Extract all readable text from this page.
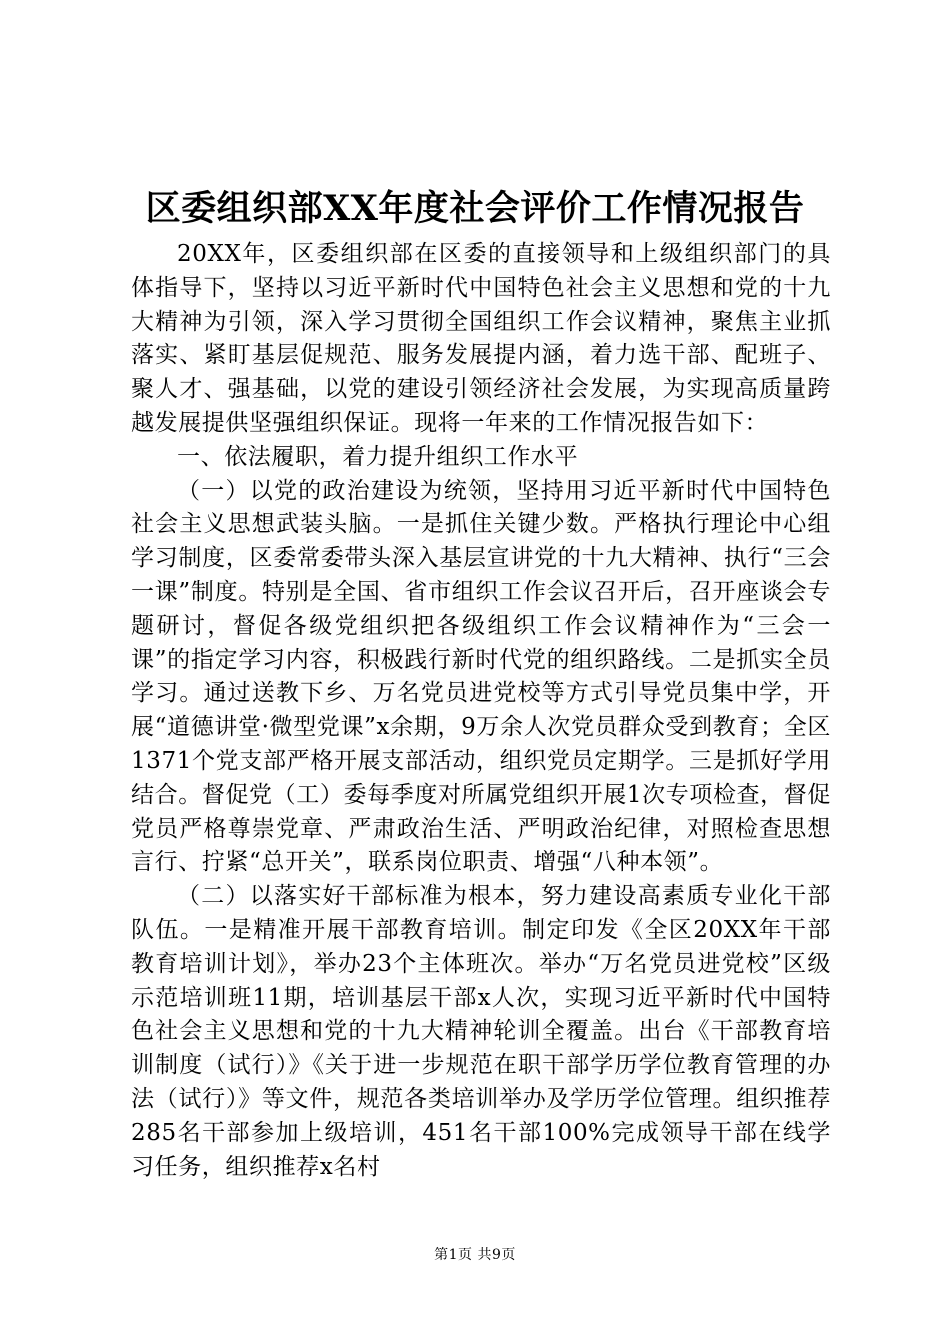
区委组织部XX年度社会评价工作情况报告

20XX年，区委组织部在区委的直接领导和上级组织部门的具体指导下，坚持以习近平新时代中国特色社会主义思想和党的十九大精神为引领，深入学习贯彻全国组织工作会议精神，聚焦主业抓落实、紧盯基层促规范、服务发展提内涵，着力选干部、配班子、聚人才、强基础，以党的建设引领经济社会发展，为实现高质量跨越发展提供坚强组织保证。现将一年来的工作情况报告如下：

一、依法履职，着力提升组织工作水平

（一）以党的政治建设为统领，坚持用习近平新时代中国特色社会主义思想武装头脑。一是抓住关键少数。严格执行理论中心组学习制度，区委常委带头深入基层宣讲党的十九大精神、执行“三会一课”制度。特别是全国、省市组织工作会议召开后，召开座谈会专题研讨，督促各级党组织把各级组织工作会议精神作为“三会一课”的指定学习内容，积极践行新时代党的组织路线。二是抓实全员学习。通过送教下乡、万名党员进党校等方式引导党员集中学，开展“道德讲堂·微型党课”x余期，9万余人次党员群众受到教育；全区1371个党支部严格开展支部活动，组织党员定期学。三是抓好学用结合。督促党（工）委每季度对所属党组织开展1次专项检查，督促党员严格尊崇党章、严肃政治生活、严明政治纪律，对照检查思想言行、拧紧“总开关”，联系岗位职责、增强“八种本领”。

（二）以落实好干部标准为根本，努力建设高素质专业化干部队伍。一是精准开展干部教育培训。制定印发《全区20XX年干部教育培训计划》，举办23个主体班次。举办“万名党员进党校”区级示范培训班11期，培训基层干部x人次，实现习近平新时代中国特色社会主义思想和党的十九大精神轮训全覆盖。出台《干部教育培训制度（试行）》《关于进一步规范在职干部学历学位教育管理的办法（试行）》等文件，规范各类培训举办及学历学位管理。组织推荐285名干部参加上级培训，451名干部100%完成领导干部在线学习任务，组织推荐x名村

第1页 共9页
